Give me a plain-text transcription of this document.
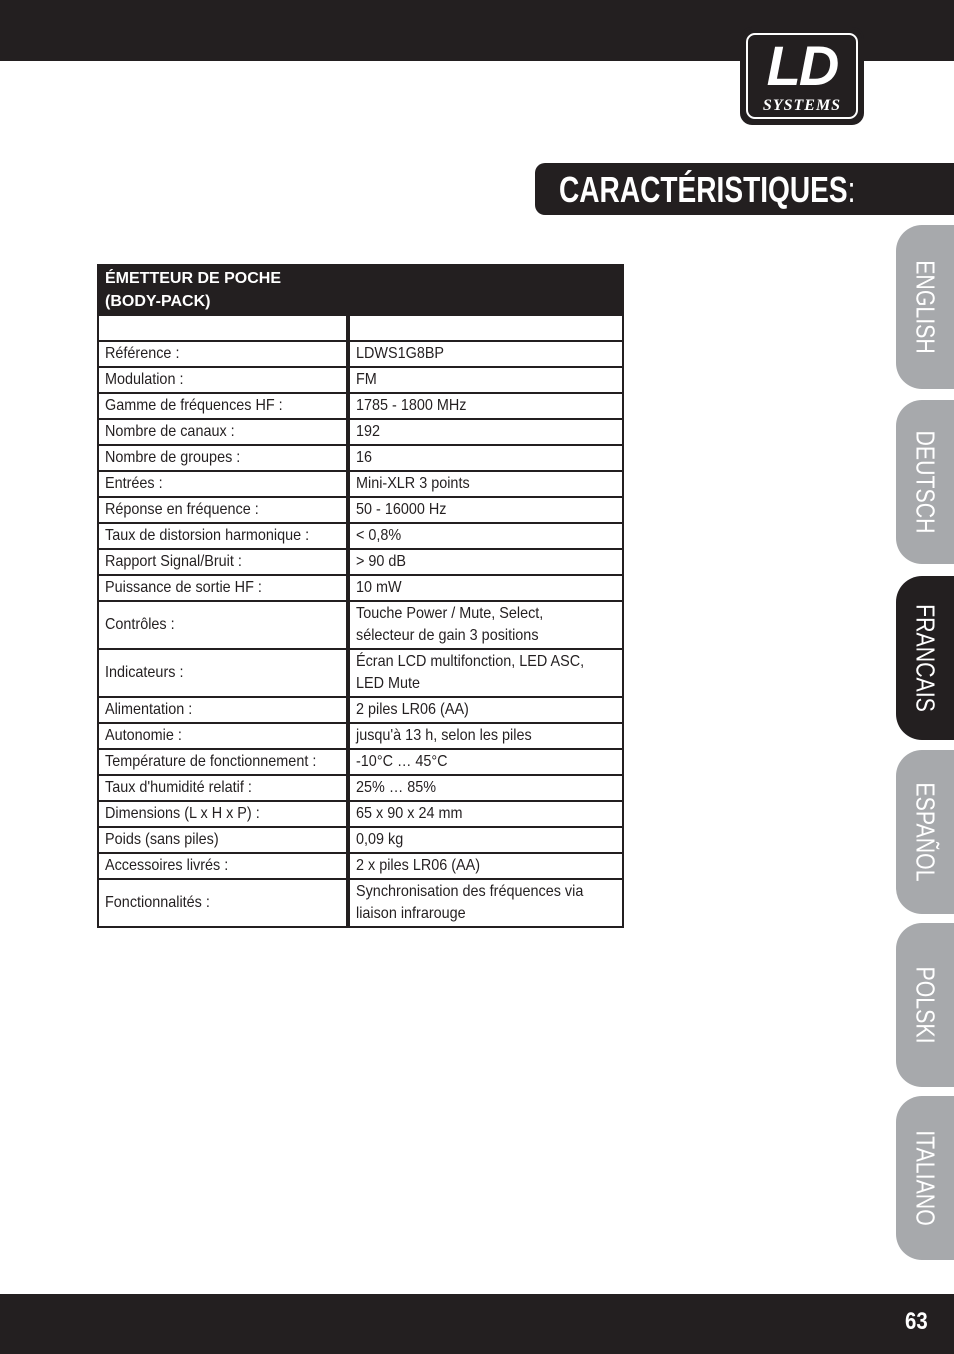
LD
SYSTEMS
CARACTÉRISTIQUES:
ENGLISH
DEUTSCH
FRANCAIS
ESPAÑOL
POLSKI
ITALIANO
ÉMETTEUR DE POCHE (BODY-PACK)	

Référence :	LDWS1G8BP
Modulation :	FM
Gamme de fréquences HF :	1785 - 1800 MHz
Nombre de canaux :	192
Nombre de groupes :	16
Entrées :	Mini-XLR 3 points
Réponse en fréquence :	50 - 16000 Hz
Taux de distorsion harmonique :	< 0,8%
Rapport Signal/Bruit :	> 90 dB
Puissance de sortie HF :	10 mW
Contrôles :	Touche Power / Mute, Select, sélecteur de gain 3 positions
Indicateurs :	Écran LCD multifonction, LED ASC, LED Mute
Alimentation :	2 piles LR06 (AA)
Autonomie :	jusqu'à 13 h, selon les piles
Température de fonctionnement :	-10°C … 45°C
Taux d'humidité relatif :	25% … 85%
Dimensions (L x H x P) :	65 x 90 x 24 mm
Poids (sans piles)	0,09 kg
Accessoires livrés :	2 x piles LR06 (AA)
Fonctionnalités :	Synchronisation des fréquences via liaison infrarouge
63
